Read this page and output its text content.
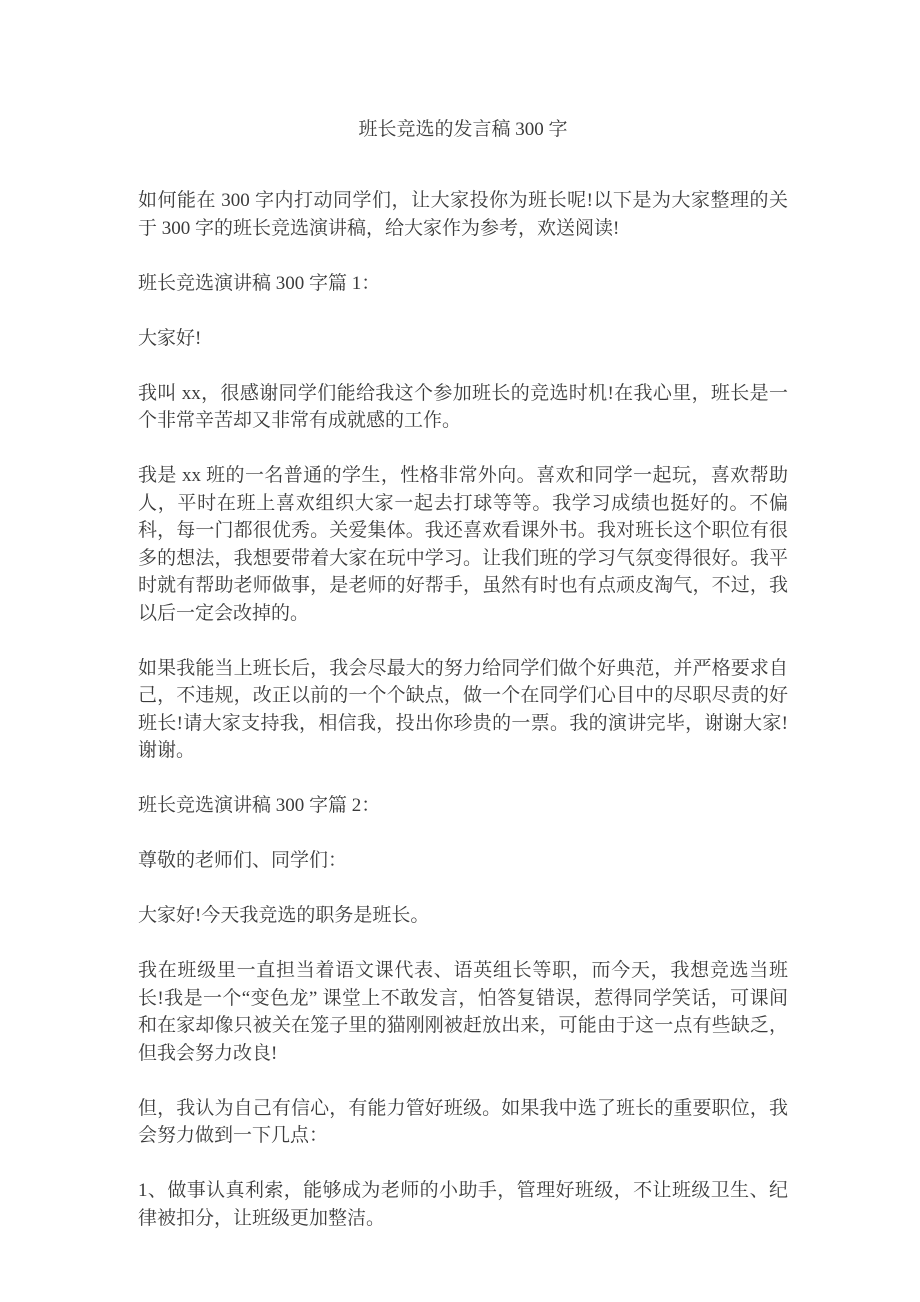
班长竞选的发言稿 300 字

如何能在 300 字内打动同学们，让大家投你为班长呢!以下是为大家整理的关于 300 字的班长竞选演讲稿，给大家作为参考，欢送阅读!

班长竞选演讲稿 300 字篇 1：

大家好!

我叫 xx，很感谢同学们能给我这个参加班长的竞选时机!在我心里，班长是一个非常辛苦却又非常有成就感的工作。

我是 xx 班的一名普通的学生，性格非常外向。喜欢和同学一起玩，喜欢帮助人，平时在班上喜欢组织大家一起去打球等等。我学习成绩也挺好的。不偏科，每一门都很优秀。关爱集体。我还喜欢看课外书。我对班长这个职位有很多的想法，我想要带着大家在玩中学习。让我们班的学习气氛变得很好。我平时就有帮助老师做事，是老师的好帮手，虽然有时也有点顽皮淘气，不过，我以后一定会改掉的。

如果我能当上班长后，我会尽最大的努力给同学们做个好典范，并严格要求自己，不违规，改正以前的一个个缺点，做一个在同学们心目中的尽职尽责的好班长!请大家支持我，相信我，投出你珍贵的一票。我的演讲完毕，谢谢大家!谢谢。

班长竞选演讲稿 300 字篇 2：

尊敬的老师们、同学们：

大家好!今天我竞选的职务是班长。

我在班级里一直担当着语文课代表、语英组长等职，而今天，我想竞选当班长!我是一个“变色龙” 课堂上不敢发言，怕答复错误，惹得同学笑话，可课间和在家却像只被关在笼子里的猫刚刚被赶放出来，可能由于这一点有些缺乏，但我会努力改良!

但，我认为自己有信心，有能力管好班级。如果我中选了班长的重要职位，我会努力做到一下几点：

1、做事认真利索，能够成为老师的小助手，管理好班级，不让班级卫生、纪律被扣分，让班级更加整洁。
